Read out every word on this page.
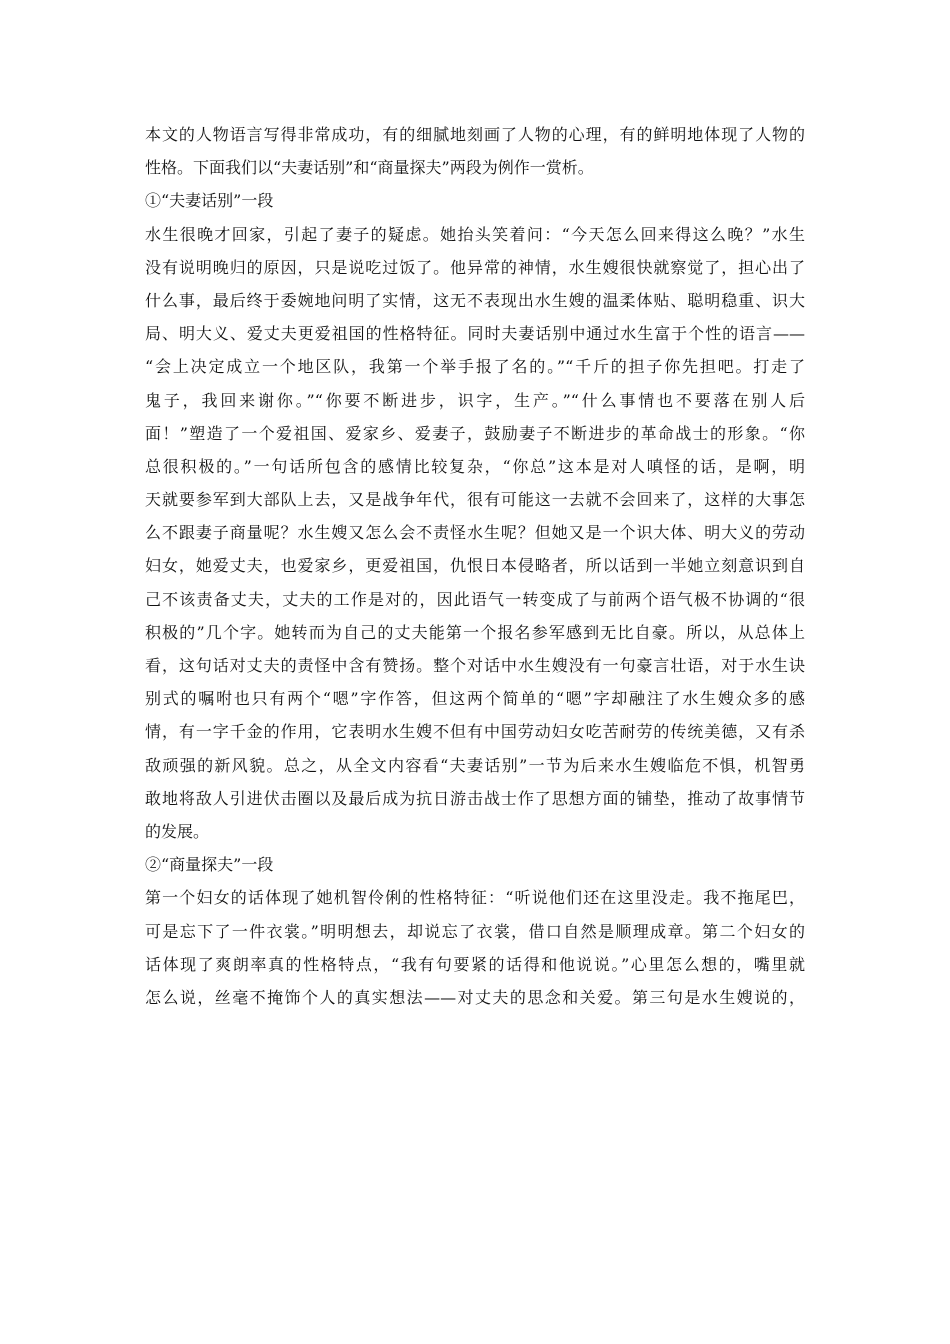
本文的人物语言写得非常成功，有的细腻地刻画了人物的心理，有的鲜明地体现了人物的
性格。下面我们以“夫妻话别”和“商量探夫”两段为例作一赏析。
①“夫妻话别”一段
水生很晚才回家，引起了妻子的疑虑。她抬头笑着问：“今天怎么回来得这么晚？”水生
没有说明晚归的原因，只是说吃过饭了。他异常的神情，水生嫂很快就察觉了，担心出了
什么事，最后终于委婉地问明了实情，这无不表现出水生嫂的温柔体贴、聪明稳重、识大
局、明大义、爱丈夫更爱祖国的性格特征。同时夫妻话别中通过水生富于个性的语言——
“会上决定成立一个地区队，我第一个举手报了名的。”“千斤的担子你先担吧。打走了
鬼子，我回来谢你。”“你要不断进步，识字，生产。”“什么事情也不要落在别人后
面！”塑造了一个爱祖国、爱家乡、爱妻子，鼓励妻子不断进步的革命战士的形象。“你
总很积极的。”一句话所包含的感情比较复杂，“你总”这本是对人嗔怪的话，是啊，明
天就要参军到大部队上去，又是战争年代，很有可能这一去就不会回来了，这样的大事怎
么不跟妻子商量呢？水生嫂又怎么会不责怪水生呢？但她又是一个识大体、明大义的劳动
妇女，她爱丈夫，也爱家乡，更爱祖国，仇恨日本侵略者，所以话到一半她立刻意识到自
己不该责备丈夫，丈夫的工作是对的，因此语气一转变成了与前两个语气极不协调的“很
积极的”几个字。她转而为自己的丈夫能第一个报名参军感到无比自豪。所以，从总体上
看，这句话对丈夫的责怪中含有赞扬。整个对话中水生嫂没有一句豪言壮语，对于水生诀
别式的嘱咐也只有两个“嗯”字作答，但这两个简单的“嗯”字却融注了水生嫂众多的感
情，有一字千金的作用，它表明水生嫂不但有中国劳动妇女吃苦耐劳的传统美德，又有杀
敌顽强的新风貌。总之，从全文内容看“夫妻话别”一节为后来水生嫂临危不惧，机智勇
敢地将敌人引进伏击圈以及最后成为抗日游击战士作了思想方面的铺垫，推动了故事情节
的发展。
②“商量探夫”一段
第一个妇女的话体现了她机智伶俐的性格特征：“听说他们还在这里没走。我不拖尾巴，
可是忘下了一件衣裳。”明明想去，却说忘了衣裳，借口自然是顺理成章。第二个妇女的
话体现了爽朗率真的性格特点，“我有句要紧的话得和他说说。”心里怎么想的，嘴里就
怎么说，丝毫不掩饰个人的真实想法——对丈夫的思念和关爱。第三句是水生嫂说的，
